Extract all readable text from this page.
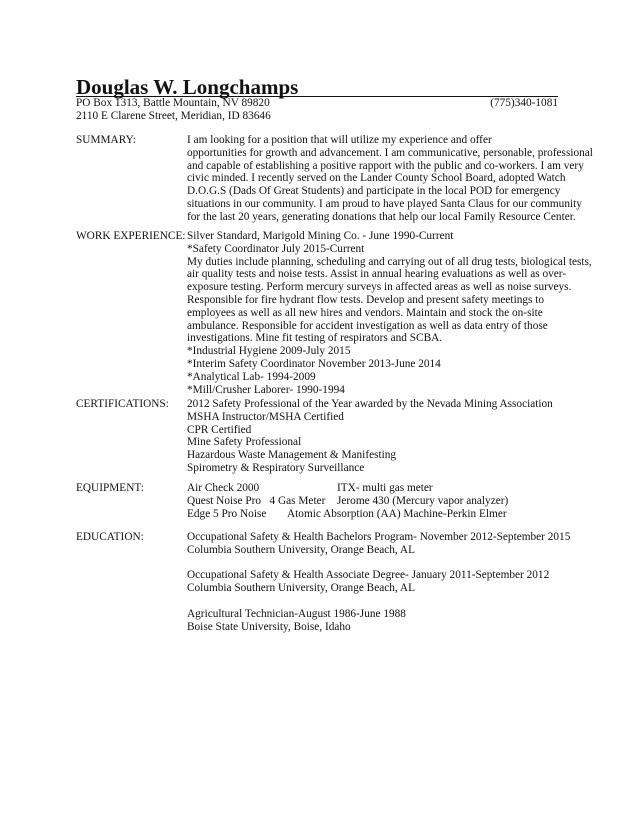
Douglas W. Longchamps
PO Box 1313, Battle Mountain, NV 89820	(775)340-1081
2110 E Clarene Street, Meridian, ID 83646
SUMMARY:	I am looking for a position that will utilize my experience and offer
opportunities for growth and advancement. I am communicative, personable, professional
and capable of establishing a positive rapport with the public and co-workers. I am very
civic minded. I recently served on the Lander County School Board, adopted Watch
D.O.G.S (Dads Of Great Students) and participate in the local POD for emergency
situations in our community. I am proud to have played Santa Claus for our community
for the last 20 years, generating donations that help our local Family Resource Center.
WORK EXPERIENCE: Silver Standard, Marigold Mining Co. - June 1990-Current
*Safety Coordinator July 2015-Current
My duties include planning, scheduling and carrying out of all drug tests, biological tests,
air quality tests and noise tests. Assist in annual hearing evaluations as well as over-
exposure testing. Perform mercury surveys in affected areas as well as noise surveys.
Responsible for fire hydrant flow tests. Develop and present safety meetings to
employees as well as all new hires and vendors. Maintain and stock the on-site
ambulance. Responsible for accident investigation as well as data entry of those
investigations. Mine fit testing of respirators and SCBA.
*Industrial Hygiene 2009-July 2015
*Interim Safety Coordinator November 2013-June 2014
*Analytical Lab- 1994-2009
*Mill/Crusher Laborer- 1990-1994
CERTIFICATIONS: 2012 Safety Professional of the Year awarded by the Nevada Mining Association
MSHA Instructor/MSHA Certified
CPR Certified
Mine Safety Professional
Hazardous Waste Management & Manifesting
Spirometry & Respiratory Surveillance
EQUIPMENT:	Air Check 2000	ITX- multi gas meter
Quest Noise Pro   4 Gas Meter Jerome 430 (Mercury vapor analyzer)
Edge 5 Pro Noise Atomic Absorption (AA) Machine-Perkin Elmer
EDUCATION:	Occupational Safety & Health Bachelors Program- November 2012-September 2015
Columbia Southern University, Orange Beach, AL
Occupational Safety & Health Associate Degree- January 2011-September 2012
Columbia Southern University, Orange Beach, AL
Agricultural Technician-August 1986-June 1988
Boise State University, Boise, Idaho
